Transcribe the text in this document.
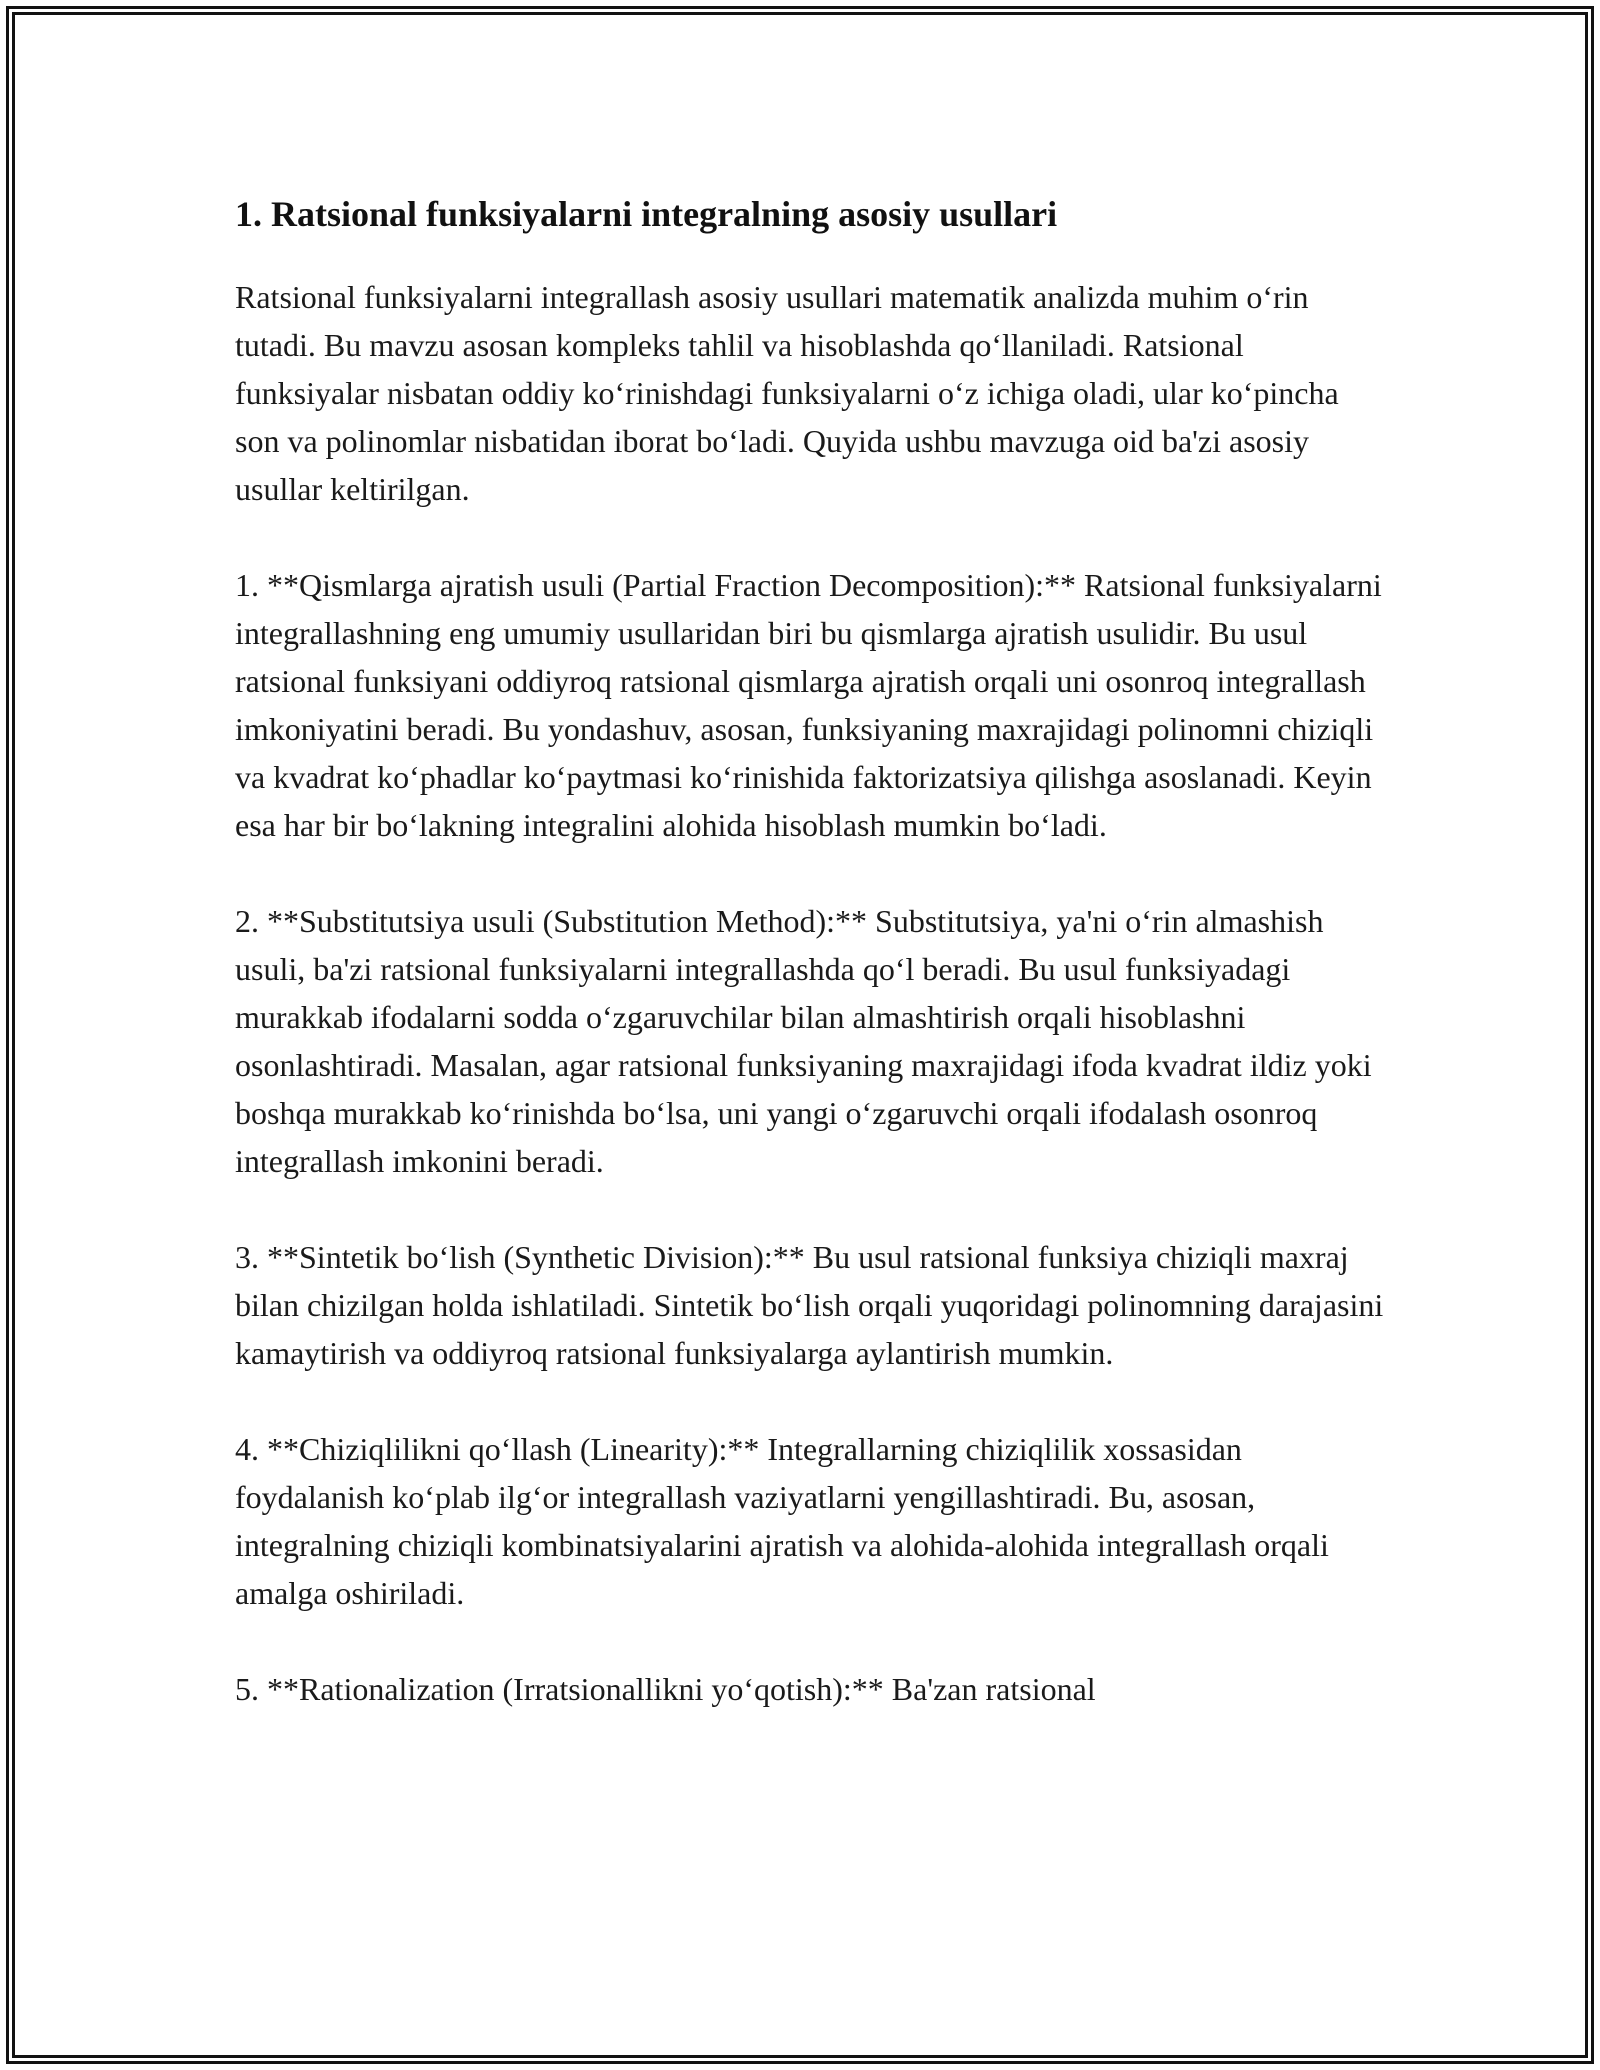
1. Ratsional funksiyalarni integralning asosiy usullari

Ratsional funksiyalarni integrallash asosiy usullari matematik analizda muhim o‘rin tutadi. Bu mavzu asosan kompleks tahlil va hisoblashda qo‘llaniladi. Ratsional funksiyalar nisbatan oddiy ko‘rinishdagi funksiyalarni o‘z ichiga oladi, ular ko‘pincha son va polinomlar nisbatidan iborat bo‘ladi. Quyida ushbu mavzuga oid ba'zi asosiy usullar keltirilgan.

1. **Qismlarga ajratish usuli (Partial Fraction Decomposition):** Ratsional funksiyalarni integrallashning eng umumiy usullaridan biri bu qismlarga ajratish usulidir. Bu usul ratsional funksiyani oddiyroq ratsional qismlarga ajratish orqali uni osonroq integrallash imkoniyatini beradi. Bu yondashuv, asosan, funksiyaning maxrajidagi polinomni chiziqli va kvadrat ko‘phadlar ko‘paytmasi ko‘rinishida faktorizatsiya qilishga asoslanadi. Keyin esa har bir bo‘lakning integralini alohida hisoblash mumkin bo‘ladi.

2. **Substitutsiya usuli (Substitution Method):** Substitutsiya, ya'ni o‘rin almashish usuli, ba'zi ratsional funksiyalarni integrallashda qo‘l beradi. Bu usul funksiyadagi murakkab ifodalarni sodda o‘zgaruvchilar bilan almashtirish orqali hisoblashni osonlashtiradi. Masalan, agar ratsional funksiyaning maxrajidagi ifoda kvadrat ildiz yoki boshqa murakkab ko‘rinishda bo‘lsa, uni yangi o‘zgaruvchi orqali ifodalash osonroq integrallash imkonini beradi.

3. **Sintetik bo‘lish (Synthetic Division):** Bu usul ratsional funksiya chiziqli maxraj bilan chizilgan holda ishlatiladi. Sintetik bo‘lish orqali yuqoridagi polinomning darajasini kamaytirish va oddiyroq ratsional funksiyalarga aylantirish mumkin.

4. **Chiziqlilikni qo‘llash (Linearity):** Integrallarning chiziqlilik xossasidan foydalanish ko‘plab ilg‘or integrallash vaziyatlarni yengillashtiradi. Bu, asosan, integralning chiziqli kombinatsiyalarini ajratish va alohida-alohida integrallash orqali amalga oshiriladi.

5. **Rationalization (Irratsionallikni yo‘qotish):** Ba'zan ratsional
